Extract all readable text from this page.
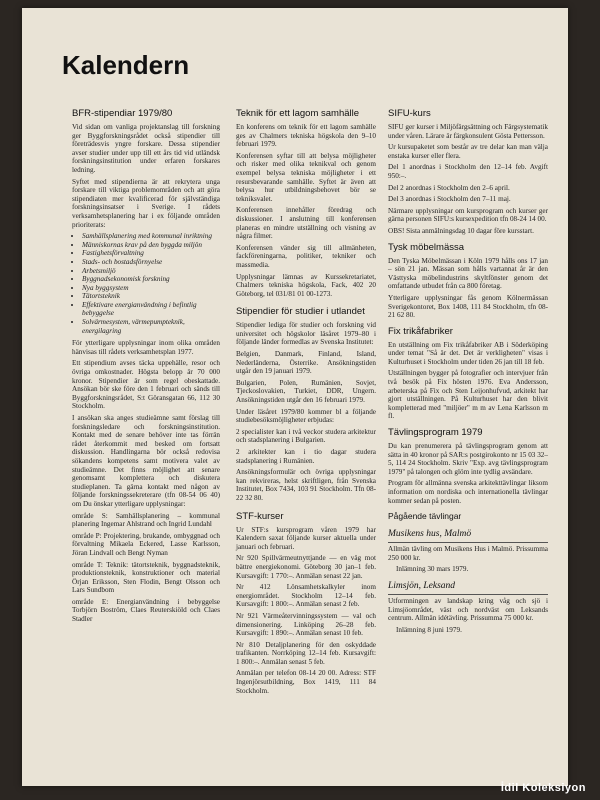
Kalendern
BFR-stipendiar 1979/80

Vid sidan om vanliga projektanslag till forskning ger Byggforskningsrådet också stipendier till företrädesvis yngre forskare. Dessa stipendier avser studier under upp till ett års tid vid utländsk forskningsinstitution under erfaren forskares ledning.

Syftet med stipendierna är att rekrytera unga forskare till viktiga problemområden och att göra stipendiaten mer kvalificerad för självständiga forskningsinsatser i Sverige. I rådets verksamhetsplanering har i ex följande områden prioriterats:

• Samhällsplanering med kommunal inriktning
• Människornas krav på den byggda miljön
• Fastighetsförvaltning
• Stads- och bostadsförnyelse
• Arbetsmiljö
• Byggnadsekonomisk forskning
• Nya byggsystem
• Tätortsteknik
• Effektivare energianvändning i befintlig bebyggelse
• Solvärmesystem, värmepumpteknik, energilagring

För ytterligare upplysningar inom olika områden hänvisas till rådets verksamhetsplan 1977.

Ett stipendium avses täcka uppehälle, resor och övriga omkostnader. Högsta belopp är 70 000 kronor. Stipendier är som regel obeskattade. Ansökan bör ske före den 1 februari och sänds till Byggforskningsrådet, S:t Göransgatan 66, 112 30 Stockholm.

I ansökan ska anges studieämne samt förslag till forskningsledare och forskningsinstitution. Kontakt med de senare behöver inte tas förrän rådet återkommit med besked om fortsatt diskussion. Handlingarna bör också redovisa sökandens kompetens samt motivera valet av studieämne. Det finns möjlighet att senare genomsamt komplettera och diskutera studieplanen. Ta gärna kontakt med någon av följande forskningssekreterare (tfn 08-54 06 40) om Du önskar ytterligare upplysningar:

område S: Samhällsplanering – kommunal planering Ingemar Ahlstrand och Ingrid Lundahl

område P: Projektering, brukande, ombyggnad och förvaltning Mikaela Eckered, Lasse Karlsson, Jöran Lindvall och Bengt Nyman

område T: Teknik: tätortsteknik, byggnadsteknik, produktionsteknik, konstruktioner och material Örjan Eriksson, Sten Flodin, Bengt Olsson och Lars Sundbom

område E: Energianvändning i bebyggelse Torbjörn Boström, Claes Reuterskiöld och Claes Stadler

Teknik för ett lagom samhälle

En konferens om teknik för ett lagom samhälle ges av Chalmers tekniska högskola den 9–10 februari 1979.

Konferensen syftar till att belysa möjligheter och risker med olika teknikval och genom exempel belysa tekniska möjligheter i ett resursbevarande samhälle. Syftet är även att belysa hur utbildningsbehovet bör se tekniksvalet.

Konferensen innehåller föredrag och diskussioner. I anslutning till konferensen planeras en mindre utställning och visning av några filmer.

Konferensen vänder sig till allmänheten, fackföreningarna, politiker, tekniker och massmedia.

Upplysningar lämnas av Kurssekretariatet, Chalmers tekniska högskola, Fack, 402 20 Göteborg, tel 031/81 01 00-1273.

Stipendier för studier i utlandet

Stipendier lediga för studier och forskning vid universitet och högskolor läsåret 1979–80 i följande länder formedlas av Svenska Institutet:

Belgien, Danmark, Finland, Island, Nederländerna, Österrike. Ansökningstiden utgår den 19 januari 1979.

Bulgarien, Polen, Rumänien, Sovjet, Tjeckoslovakien, Turkiet, DDR, Ungern. Ansökningstiden utgår den 16 februari 1979.

Under läsåret 1979/80 kommer bl a följande studiebesöksmöjligheter erbjudas:

2 specialister kan i två veckor studera arkitektur och stadsplanering i Bulgarien.

2 arkitekter kan i tio dagar studera stadsplanering i Rumänien.

Ansökningsformulär och övriga upplysningar kan rekvireras, helst skriftligen, från Svenska Institutet, Box 7434, 103 91 Stockholm. Tfn 08-22 32 80.

STF-kurser

Ur STF:s kursprogram våren 1979 har Kalendern saxat följande kurser aktuella under januari och februari.

Nr 920 Spillvärmeutnyttjande — en väg mot bättre energiekonomi. Göteborg 30 jan–1 feb. Kursavgift: 1 770:–. Anmälan senast 22 jan.

Nr 412 Lönsamhetskalkyler inom energiområdet. Stockholm 12–14 feb. Kursavgift: 1 800:–. Anmälan senast 2 feb.

Nr 921 Värmeåtervinningssystem — val och dimensionering. Linköping 26–28 feb. Kursavgift: 1 890:–. Anmälan senast 10 feb.

Nr 810 Detaljplanering för den oskyddade trafikanten. Norrköping 12–14 feb. Kursavgift: 1 800:–. Anmälan senast 5 feb.

Anmälan per telefon 08-14 20 00. Adress: STF Ingenjörsutbildning, Box 1419, 111 84 Stockholm.

SIFU-kurs

SIFU ger kurser i Miljöfärgsättning och Färgsystematik under våren. Lärare är färgkonsulent Gösta Pettersson.

Ur kursupaketet som består av tre delar kan man välja enstaka kurser eller flera.

Del 1 anordnas i Stockholm den 12–14 feb. Avgift 950:–.

Del 2 anordnas i Stockholm den 2–6 april.

Del 3 anordnas i Stockholm den 7–11 maj.

Närmare upplysningar om kursprogram och kurser ger gärna personen SIFU:s kursexpedition tfn 08-24 14 00.

OBS! Sista anmälningsdag 10 dagar före kursstart.

Tysk möbelmässa

Den Tyska Möbelmässan i Köln 1979 hålls ons 17 jan – sön 21 jan. Mässan som hålls vartannat år är den Västtyska möbelindustrins skyltfönster genom det omfattande utbudet från ca 800 företag.

Ytterligare upplysningar fås genom Kölnermässan Sverigekontoret, Box 1408, 111 84 Stockholm, tfn 08-21 62 80.

Fix trikåfabriker

En utställning om Fix trikåfabriker AB i Söderköping under temat "Så är det. Det är verkligheten" visas i Kulturhuset i Stockholm under tiden 26 jan till 18 feb.

Utställningen bygger på fotografier och intervjuer från två besök på Fix hösten 1976. Eva Andersson, arbeterska på Fix och Sten Leijonhufvud, arkitekt har gjort utställningen. På Kulturhuset har den blivit kompletterad med "miljöer" m m av Lena Karlsson m fl.

Tävlingsprogram 1979

Du kan prenumerera på tävlingsprogram genom att sätta in 40 kronor på SAR:s postgirokonto nr 15 03 32–5, 114 24 Stockholm. Skriv "Exp. avg tävlingsprogram 1979" på talongen och glöm inte tydlig avsändare.

Program för allmänna svenska arkitekttävlingar liksom information om nordiska och internationella tävlingar kommer sedan på posten.

Pågående tävlingar
Musikens hus, Malmö

Allmän tävling om Musikens Hus i Malmö. Prissumma 250 000 kr.

Inlämning 30 mars 1979.

Limsjön, Leksand

Utformningen av landskap kring våg och sjö i Limsjöområdet, väst och nordväst om Leksands centrum. Allmän idétävling. Prissumma 75 000 kr.

Inlämning 8 juni 1979.

İdil Koleksiyon
